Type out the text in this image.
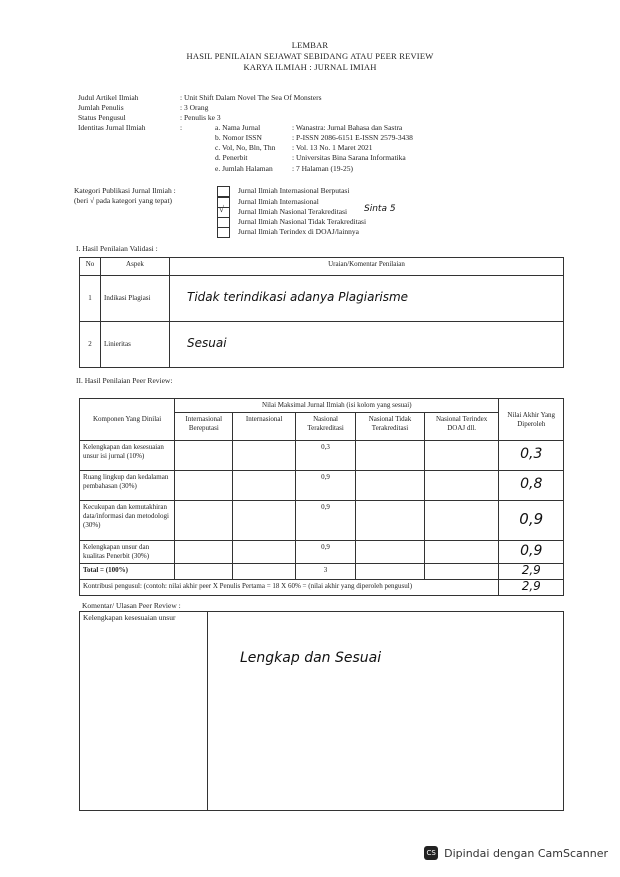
LEMBAR
HASIL PENILAIAN SEJAWAT SEBIDANG ATAU PEER REVIEW
KARYA ILMIAH : JURNAL IMIAH
Judul Artikel Ilmiah	: Unit Shift Dalam Novel The Sea Of Monsters
Jumlah Penulis	: 3 Orang
Status Pengusul	: Penulis ke 3
Identitas Jurnal Ilmiah	:	a. Nama Jurnal	: Wanastra: Jurnal Bahasa dan Sastra
b. Nomor ISSN	: P-ISSN 2086-6151 E-ISSN 2579-3438
c. Vol, No, Bln, Thn : Vol. 13 No. 1 Maret 2021
d. Penerbit	: Universitas Bina Sarana Informatika
e. Jumlah Halaman	: 7 Halaman (19-25)
Kategori Publikasi Jurnal Ilmiah :
(beri √ pada kategori yang tepat)
Jurnal Ilmiah Internasional Berputasi
Jurnal Ilmiah Internasional
√ Jurnal Ilmiah Nasional Terakreditasi Sinta 5
Jurnal Ilmiah Nasional Tidak Terakreditasi
Jurnal Ilmiah Terindex di DOAJ/lainnya
I. Hasil Penilaian Validasi :
No	Aspek	Uraian/Komentar Penilaian
1	Indikasi Plagiasi	Tidak terindikasi adanya Plagiarisme
2	Linieritas	Sesuai
II. Hasil Penilaian Peer Review:
Komponen Yang Dinilai	Nilai Maksimal Jurnal Ilmiah (isi kolom yang sesuai)					Nilai Akhir Yang Diperoleh
	Internasional Bereputasi	Internasional	Nasional Terakreditasi	Nasional Tidak Terakreditasi	Nasional Terindex DOAJ dll.	
Kelengkapan dan kesesuaian unsur isi jurnal (10%)			0,3			0,3
Ruang lingkup dan kedalaman pembahasan (30%)			0,9			0,8
Kecukupan dan kemutakhiran data/informasi dan metodologi (30%)			0,9			0,9
Kelengkapan unsur dan kualitas Penerbit (30%)			0,9			0,9
Total = (100%)			3			2,9
Kontribusi pengusul: (contoh: nilai akhir peer X Penulis Pertama = 18 X 60% = (nilai akhir yang diperoleh pengusul)						2,9
Komentar/ Ulasan Peer Review :
Kelengkapan kesesuaian unsur
Lengkap dan Sesuai
CS Dipindai dengan CamScanner
